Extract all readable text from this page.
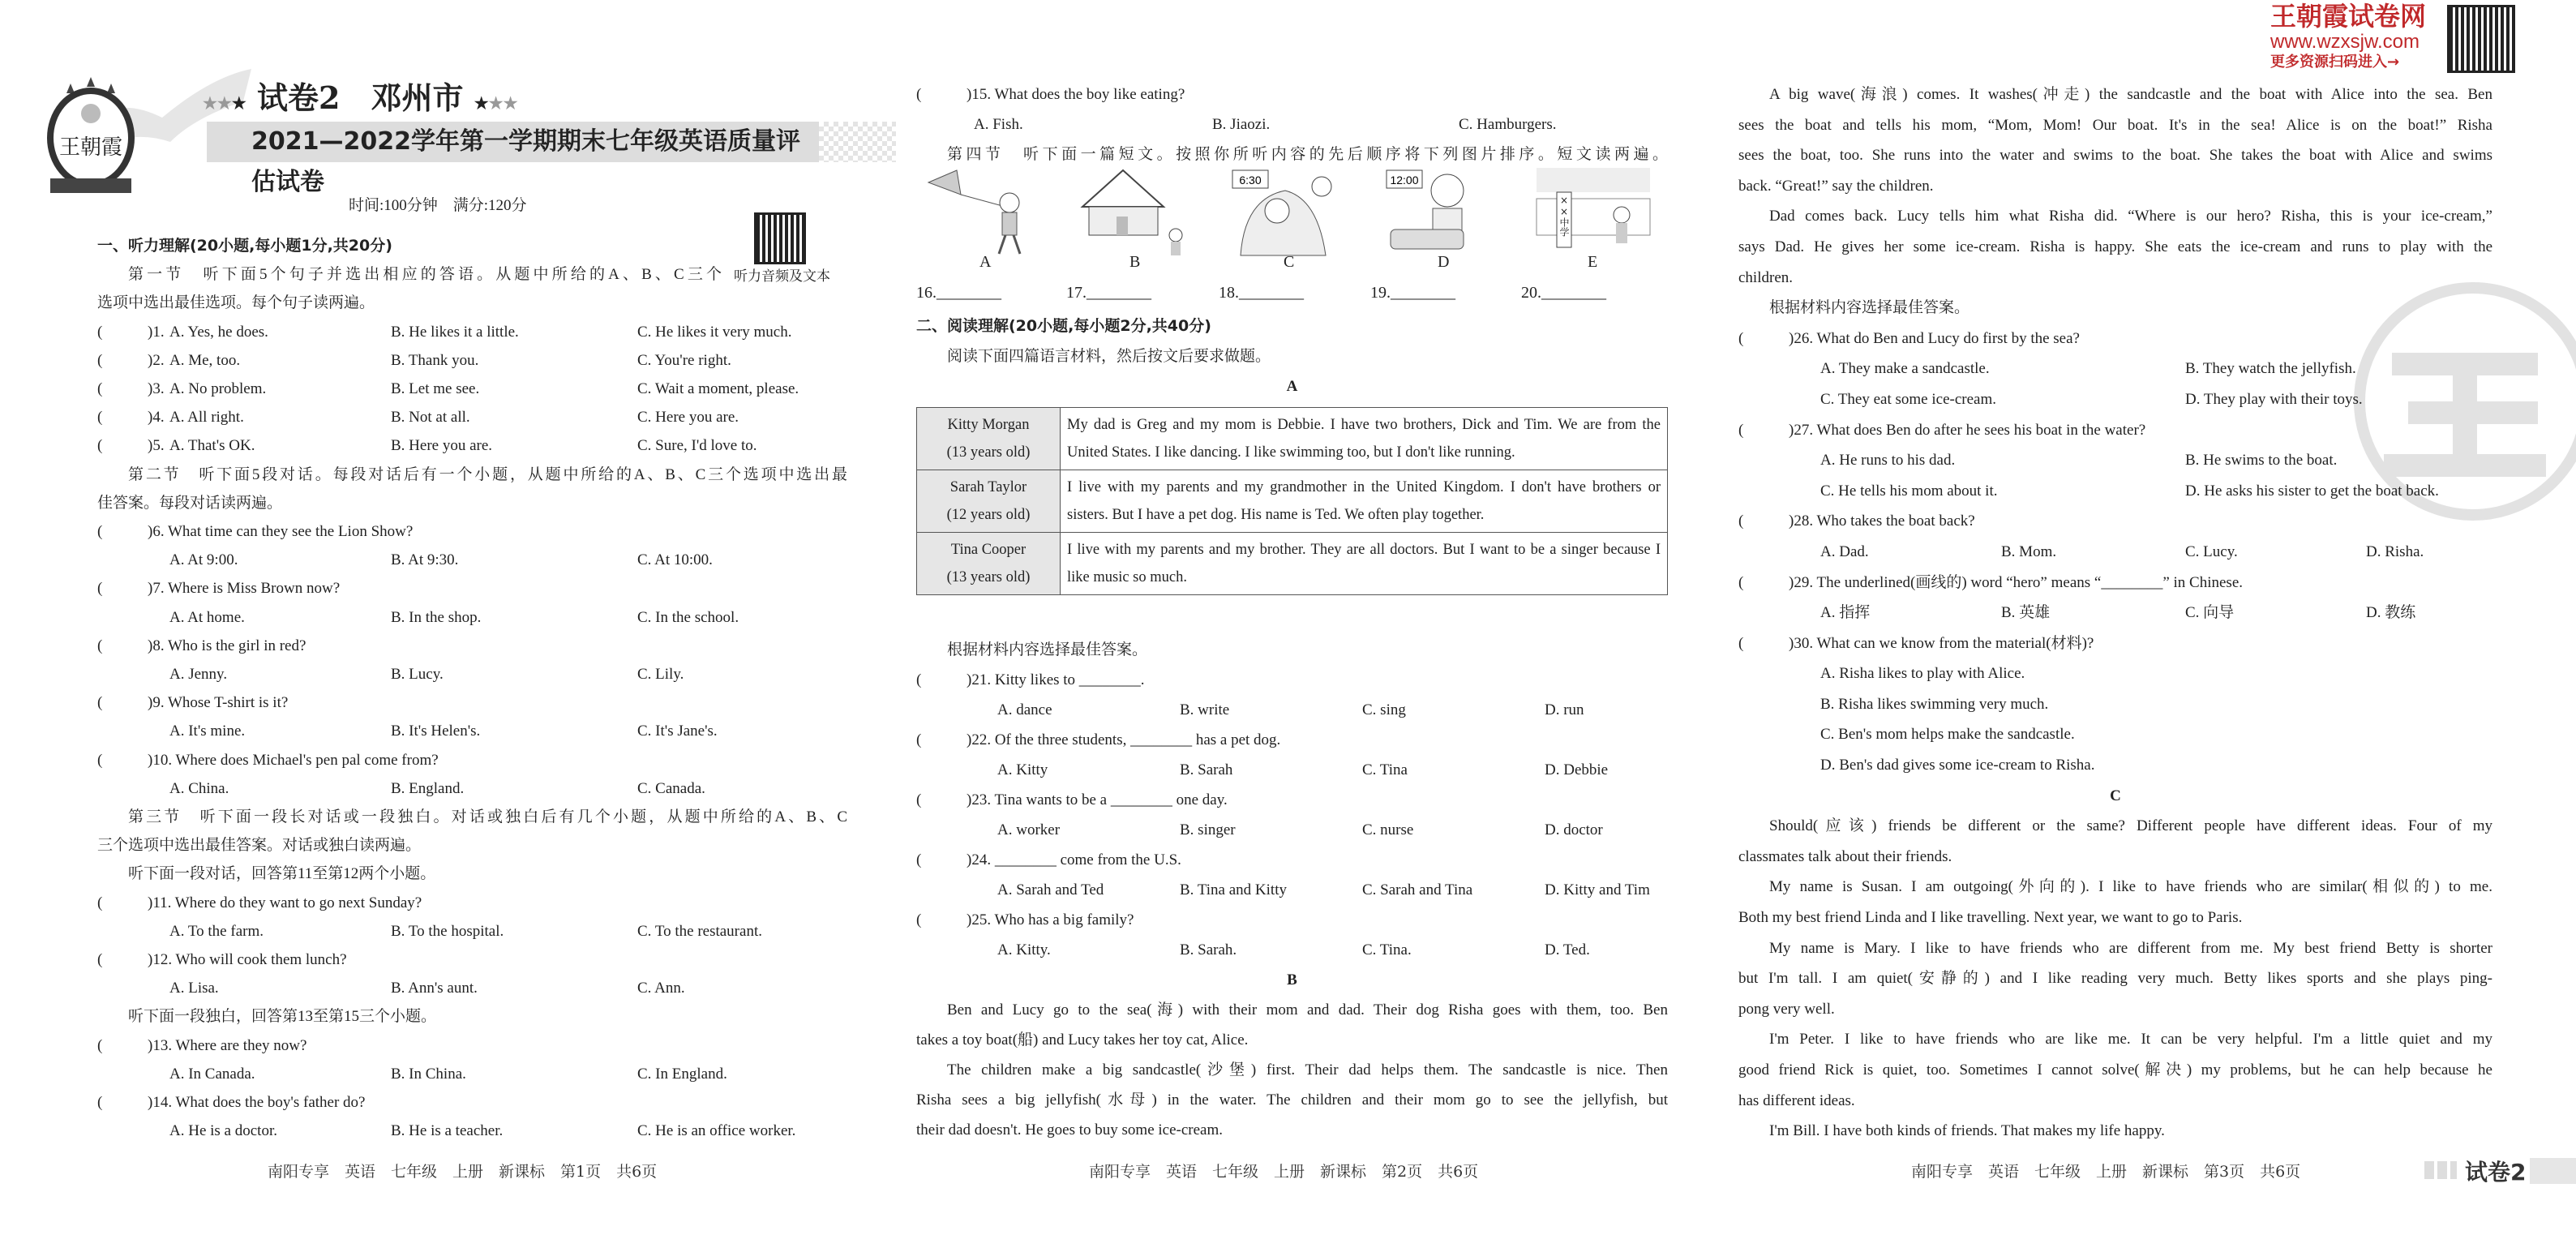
王朝霞
★★★ 试卷2　邓州市 ★★★
2021—2022学年第一学期期末七年级英语质量评估试卷
时间:100分钟　满分:120分
听力音频及文本
王朝霞试卷网
www.wzxsjw.com
更多资源扫码进入→
一、听力理解(20小题,每小题1分,共20分)
第一节　听下面5个句子并选出相应的答语。从题中所给的A、B、C三个
选项中选出最佳选项。每个句子读两遍。
(	)1. A. Yes, he does.	B. He likes it a little.	C. He likes it very much.
(	)2. A. Me, too.	B. Thank you.	C. You're right.
(	)3. A. No problem.	B. Let me see.	C. Wait a moment, please.
(	)4. A. All right.	B. Not at all.	C. Here you are.
(	)5. A. That's OK.	B. Here you are.	C. Sure, I'd love to.
第二节　听下面5段对话。每段对话后有一个小题，从题中所给的A、B、C三个选项中选出最
佳答案。每段对话读两遍。
(	)6. What time can they see the Lion Show?

A. At 9:00.	B. At 9:30.	C. At 10:00.
(	)7. Where is Miss Brown now?

A. At home.	B. In the shop.	C. In the school.
(	)8. Who is the girl in red?

A. Jenny.	B. Lucy.	C. Lily.
(	)9. Whose T-shirt is it?

A. It's mine.	B. It's Helen's.	C. It's Jane's.
(	)10. Where does Michael's pen pal come from?

A. China.	B. England.	C. Canada.
第三节　听下面一段长对话或一段独白。对话或独白后有几个小题，从题中所给的A、B、C
三个选项中选出最佳答案。对话或独白读两遍。
听下面一段对话，回答第11至第12两个小题。
(	)11. Where do they want to go next Sunday?

A. To the farm.	B. To the hospital.	C. To the restaurant.
(	)12. Who will cook them lunch?

A. Lisa.	B. Ann's aunt.	C. Ann.
听下面一段独白，回答第13至第15三个小题。
(	)13. Where are they now?

A. In Canada.	B. In China.	C. In England.
(	)14. What does the boy's father do?

A. He is a doctor.	B. He is a teacher.	C. He is an office worker.
(	)15. What does the boy like eating?

A. Fish.	B. Jiaozi.	C. Hamburgers.
第四节　听下面一篇短文。按照你所听内容的先后顺序将下列图片排序。短文读两遍。
A	B
6:30
C
12:00
D
××中学
E
16.________	17.________	18.________	19.________	20.________
二、阅读理解(20小题,每小题2分,共40分)
阅读下面四篇语言材料，然后按文后要求做题。
A
Kitty Morgan
(13 years old)	My dad is Greg and my mom is Debbie. I have two brothers, Dick and Tim. We are from the United States. I like dancing. I like swimming too, but I don't like running.

Sarah Taylor
(12 years old)	I live with my parents and my grandmother in the United Kingdom. I don't have brothers or sisters. But I have a pet dog. His name is Ted. We often play together.

Tina Cooper
(13 years old)	I live with my parents and my brother. They are all doctors. But I want to be a singer because I like music so much.
根据材料内容选择最佳答案。
(	)21. Kitty likes to ________.

A. dance	B. write	C. sing	D. run
(	)22. Of the three students, ________ has a pet dog.

A. Kitty	B. Sarah	C. Tina	D. Debbie
(	)23. Tina wants to be a ________ one day.

A. worker	B. singer	C. nurse	D. doctor
(	)24. ________ come from the U.S.

A. Sarah and Ted	B. Tina and Kitty	C. Sarah and Tina	D. Kitty and Tim
(	)25. Who has a big family?

A. Kitty.	B. Sarah.	C. Tina.	D. Ted.
B
Ben and Lucy go to the sea(海) with their mom and dad. Their dog Risha goes with them, too. Ben
takes a toy boat(船) and Lucy takes her toy cat, Alice.
The children make a big sandcastle(沙堡) first. Their dad helps them. The sandcastle is nice. Then
Risha sees a big jellyfish(水母) in the water. The children and their mom go to see the jellyfish, but
their dad doesn't. He goes to buy some ice-cream.
A big wave(海浪) comes. It washes(冲走) the sandcastle and the boat with Alice into the sea. Ben
sees the boat and tells his mom, “Mom, Mom! Our boat. It's in the sea! Alice is on the boat!” Risha
sees the boat, too. She runs into the water and swims to the boat. She takes the boat with Alice and swims
back. “Great!” say the children.
Dad comes back. Lucy tells him what Risha did. “Where is our hero? Risha, this is your ice-cream,”
says Dad. He gives her some ice-cream. Risha is happy. She eats the ice-cream and runs to play with the
children.
根据材料内容选择最佳答案。
(	)26. What do Ben and Lucy do first by the sea?

A. They make a sandcastle.	B. They watch the jellyfish.

C. They eat some ice-cream.	D. They play with their toys.
(	)27. What does Ben do after he sees his boat in the water?

A. He runs to his dad.	B. He swims to the boat.

C. He tells his mom about it.	D. He asks his sister to get the boat back.
(	)28. Who takes the boat back?

A. Dad.	B. Mom.	C. Lucy.	D. Risha.
(	)29. The underlined(画线的) word “hero” means “________” in Chinese.

A. 指挥	B. 英雄	C. 向导	D. 教练
(	)30. What can we know from the material(材料)?

A. Risha likes to play with Alice.

B. Risha likes swimming very much.

C. Ben's mom helps make the sandcastle.

D. Ben's dad gives some ice-cream to Risha.
C
Should(应该) friends be different or the same? Different people have different ideas. Four of my
classmates talk about their friends.
My name is Susan. I am outgoing(外向的). I like to have friends who are similar(相似的) to me.
Both my best friend Linda and I like travelling. Next year, we want to go to Paris.
My name is Mary. I like to have friends who are different from me. My best friend Betty is shorter
but I'm tall. I am quiet(安静的) and I like reading very much. Betty likes sports and she plays ping-
pong very well.
I'm Peter. I like to have friends who are like me. It can be very helpful. I'm a little quiet and my
good friend Rick is quiet, too. Sometimes I cannot solve(解决) my problems, but he can help because he
has different ideas.
I'm Bill. I have both kinds of friends. That makes my life happy.
南阳专享　英语　七年级　上册　新课标　第1页　共6页	南阳专享　英语　七年级　上册　新课标　第2页　共6页	南阳专享　英语　七年级　上册　新课标　第3页　共6页	试卷2
